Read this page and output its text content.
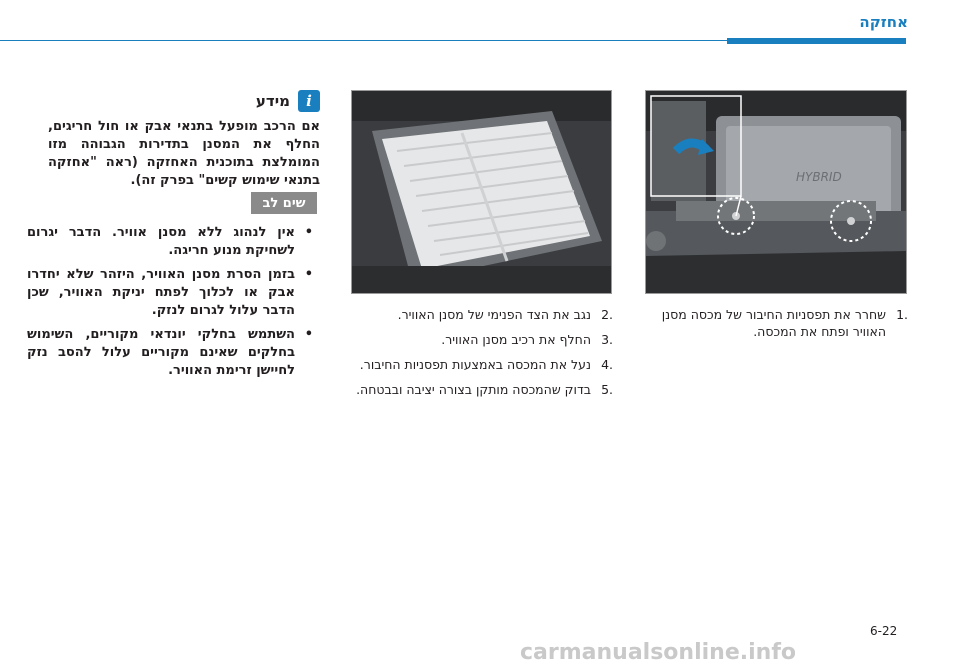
אחזקה
HYBRID
1.
שחרר את תפסניות החיבור של מכסה מסנן האוויר ופתח את המכסה.
2.
נגב את הצד הפנימי של מסנן האוויר.
3.
החלף את רכיב מסנן האוויר.
4.
נעל את המכסה באמצעות תפסניות החיבור.
5.
בדוק שהמכסה מותקן בצורה יציבה ובבטחה.
i
מידע
אם הרכב מופעל בתנאי אבק או חול חריגים, החלף את המסנן בתדירות הגבוהה מזו המומלצת בתוכנית האחזקה (ראה "אחזקה בתנאי שימוש קשים" בפרק זה).
שים לב
•
אין לנהוג ללא מסנן אוויר. הדבר יגרום לשחיקת מנוע חריגה.
•
בזמן הסרת מסנן האוויר, היזהר שלא יחדרו אבק או לכלוך לפתח יניקת האוויר, שכן הדבר עלול לגרום לנזק.
•
השתמש בחלקי יונדאי מקוריים, השימוש בחלקים שאינם מקוריים עלול להסב נזק לחיישן זרימת האוויר.
6-22
carmanualsonline.info
